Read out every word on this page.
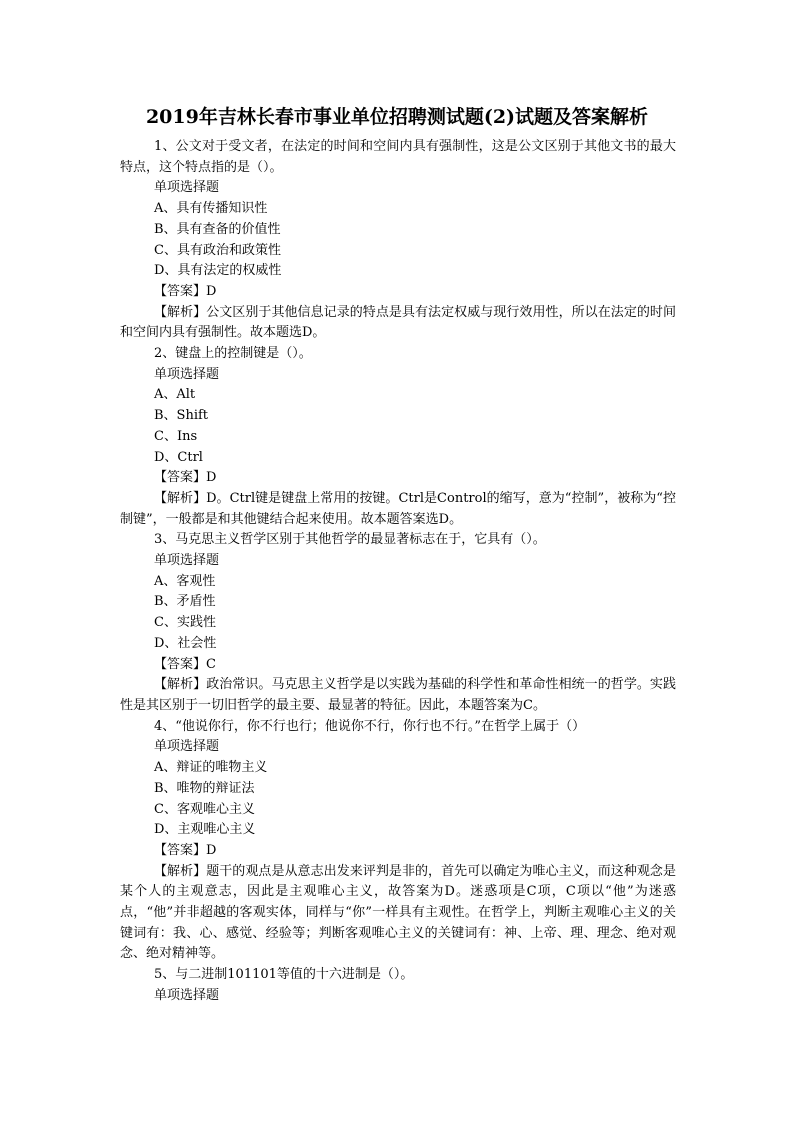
2019年吉林长春市事业单位招聘测试题(2)试题及答案解析

1、公文对于受文者，在法定的时间和空间内具有强制性，这是公文区别于其他文书的最大特点，这个特点指的是（）。

单项选择题

A、具有传播知识性

B、具有查备的价值性

C、具有政治和政策性

D、具有法定的权威性

【答案】D

【解析】公文区别于其他信息记录的特点是具有法定权威与现行效用性，所以在法定的时间和空间内具有强制性。故本题选D。

2、键盘上的控制键是（）。

单项选择题

A、Alt

B、Shift

C、Ins

D、Ctrl

【答案】D

【解析】D。Ctrl键是键盘上常用的按键。Ctrl是Control的缩写，意为“控制”，被称为“控制键”，一般都是和其他键结合起来使用。故本题答案选D。

3、马克思主义哲学区别于其他哲学的最显著标志在于，它具有（）。

单项选择题

A、客观性

B、矛盾性

C、实践性

D、社会性

【答案】C

【解析】政治常识。马克思主义哲学是以实践为基础的科学性和革命性相统一的哲学。实践性是其区别于一切旧哲学的最主要、最显著的特征。因此，本题答案为C。

4、“他说你行，你不行也行；他说你不行，你行也不行。”在哲学上属于（）

单项选择题

A、辩证的唯物主义

B、唯物的辩证法

C、客观唯心主义

D、主观唯心主义

【答案】D

【解析】题干的观点是从意志出发来评判是非的，首先可以确定为唯心主义，而这种观念是某个人的主观意志，因此是主观唯心主义，故答案为D。迷惑项是C项，C项以“他”为迷惑点，“他”并非超越的客观实体，同样与“你”一样具有主观性。在哲学上，判断主观唯心主义的关键词有：我、心、感觉、经验等；判断客观唯心主义的关键词有：神、上帝、理、理念、绝对观念、绝对精神等。

5、与二进制101101等值的十六进制是（）。

单项选择题
